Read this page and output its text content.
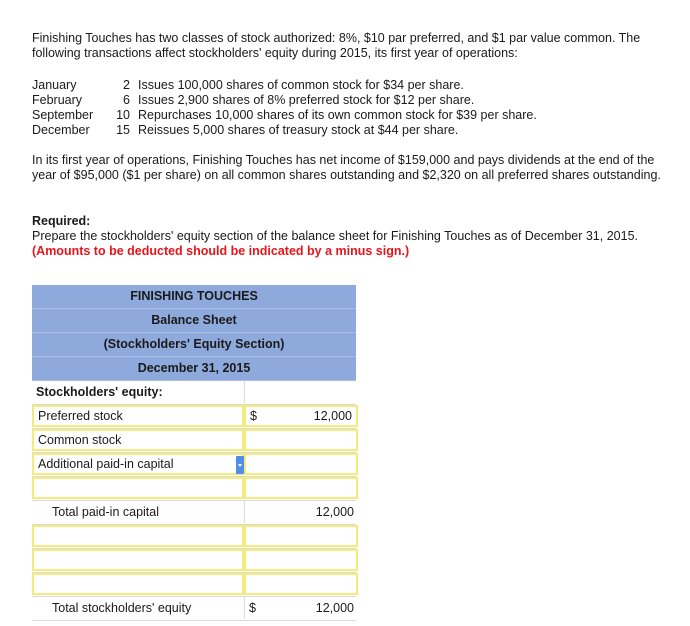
Finishing Touches has two classes of stock authorized: 8%, $10 par preferred, and $1 par value common. The following transactions affect stockholders' equity during 2015, its first year of operations:
January	2 Issues 100,000 shares of common stock for $34 per share.
February	6 Issues 2,900 shares of 8% preferred stock for $12 per share.
September	10 Repurchases 10,000 shares of its own common stock for $39 per share.
December	15 Reissues 5,000 shares of treasury stock at $44 per share.
In its first year of operations, Finishing Touches has net income of $159,000 and pays dividends at the end of the year of $95,000 ($1 per share) on all common shares outstanding and $2,320 on all preferred shares outstanding.
Required:
Prepare the stockholders' equity section of the balance sheet for Finishing Touches as of December 31, 2015. (Amounts to be deducted should be indicated by a minus sign.)
FINISHING TOUCHES
Balance Sheet
(Stockholders' Equity Section)
December 31, 2015
Stockholders' equity:
Preferred stock	$	12,000
Common stock
Additional paid-in capital
Total paid-in capital	12,000
Total stockholders' equity	$	12,000
